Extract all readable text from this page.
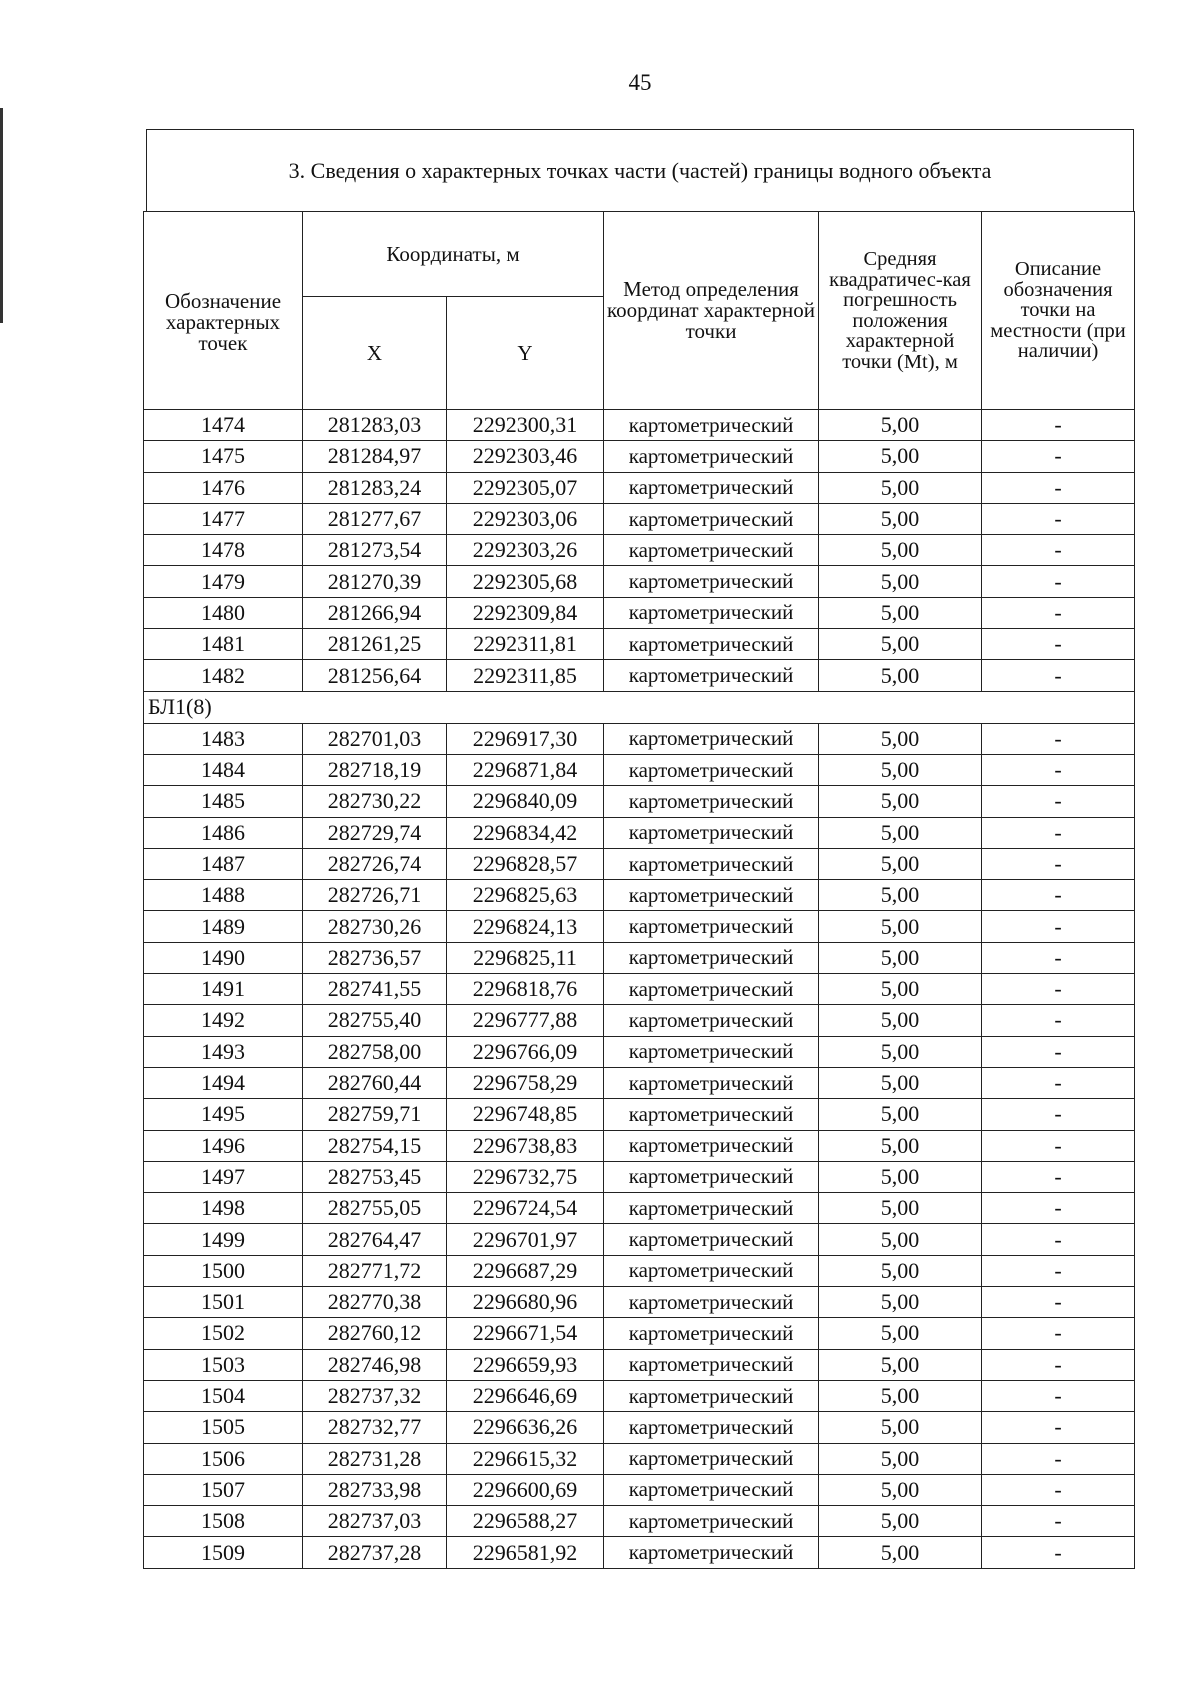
45
3. Сведения о характерных точках части (частей) границы водного объекта
Обозначение характерных точек	Координаты, м		Метод определения координат характерной точки	Средняя квадратичес-кая погрешность положения характерной точки (Mt), м	Описание обозначения точки на местности (при наличии)
	X	Y			
1474	281283,03	2292300,31	картометрический	5,00	-
1475	281284,97	2292303,46	картометрический	5,00	-
1476	281283,24	2292305,07	картометрический	5,00	-
1477	281277,67	2292303,06	картометрический	5,00	-
1478	281273,54	2292303,26	картометрический	5,00	-
1479	281270,39	2292305,68	картометрический	5,00	-
1480	281266,94	2292309,84	картометрический	5,00	-
1481	281261,25	2292311,81	картометрический	5,00	-
1482	281256,64	2292311,85	картометрический	5,00	-
БЛ1(8)					
1483	282701,03	2296917,30	картометрический	5,00	-
1484	282718,19	2296871,84	картометрический	5,00	-
1485	282730,22	2296840,09	картометрический	5,00	-
1486	282729,74	2296834,42	картометрический	5,00	-
1487	282726,74	2296828,57	картометрический	5,00	-
1488	282726,71	2296825,63	картометрический	5,00	-
1489	282730,26	2296824,13	картометрический	5,00	-
1490	282736,57	2296825,11	картометрический	5,00	-
1491	282741,55	2296818,76	картометрический	5,00	-
1492	282755,40	2296777,88	картометрический	5,00	-
1493	282758,00	2296766,09	картометрический	5,00	-
1494	282760,44	2296758,29	картометрический	5,00	-
1495	282759,71	2296748,85	картометрический	5,00	-
1496	282754,15	2296738,83	картометрический	5,00	-
1497	282753,45	2296732,75	картометрический	5,00	-
1498	282755,05	2296724,54	картометрический	5,00	-
1499	282764,47	2296701,97	картометрический	5,00	-
1500	282771,72	2296687,29	картометрический	5,00	-
1501	282770,38	2296680,96	картометрический	5,00	-
1502	282760,12	2296671,54	картометрический	5,00	-
1503	282746,98	2296659,93	картометрический	5,00	-
1504	282737,32	2296646,69	картометрический	5,00	-
1505	282732,77	2296636,26	картометрический	5,00	-
1506	282731,28	2296615,32	картометрический	5,00	-
1507	282733,98	2296600,69	картометрический	5,00	-
1508	282737,03	2296588,27	картометрический	5,00	-
1509	282737,28	2296581,92	картометрический	5,00	-
